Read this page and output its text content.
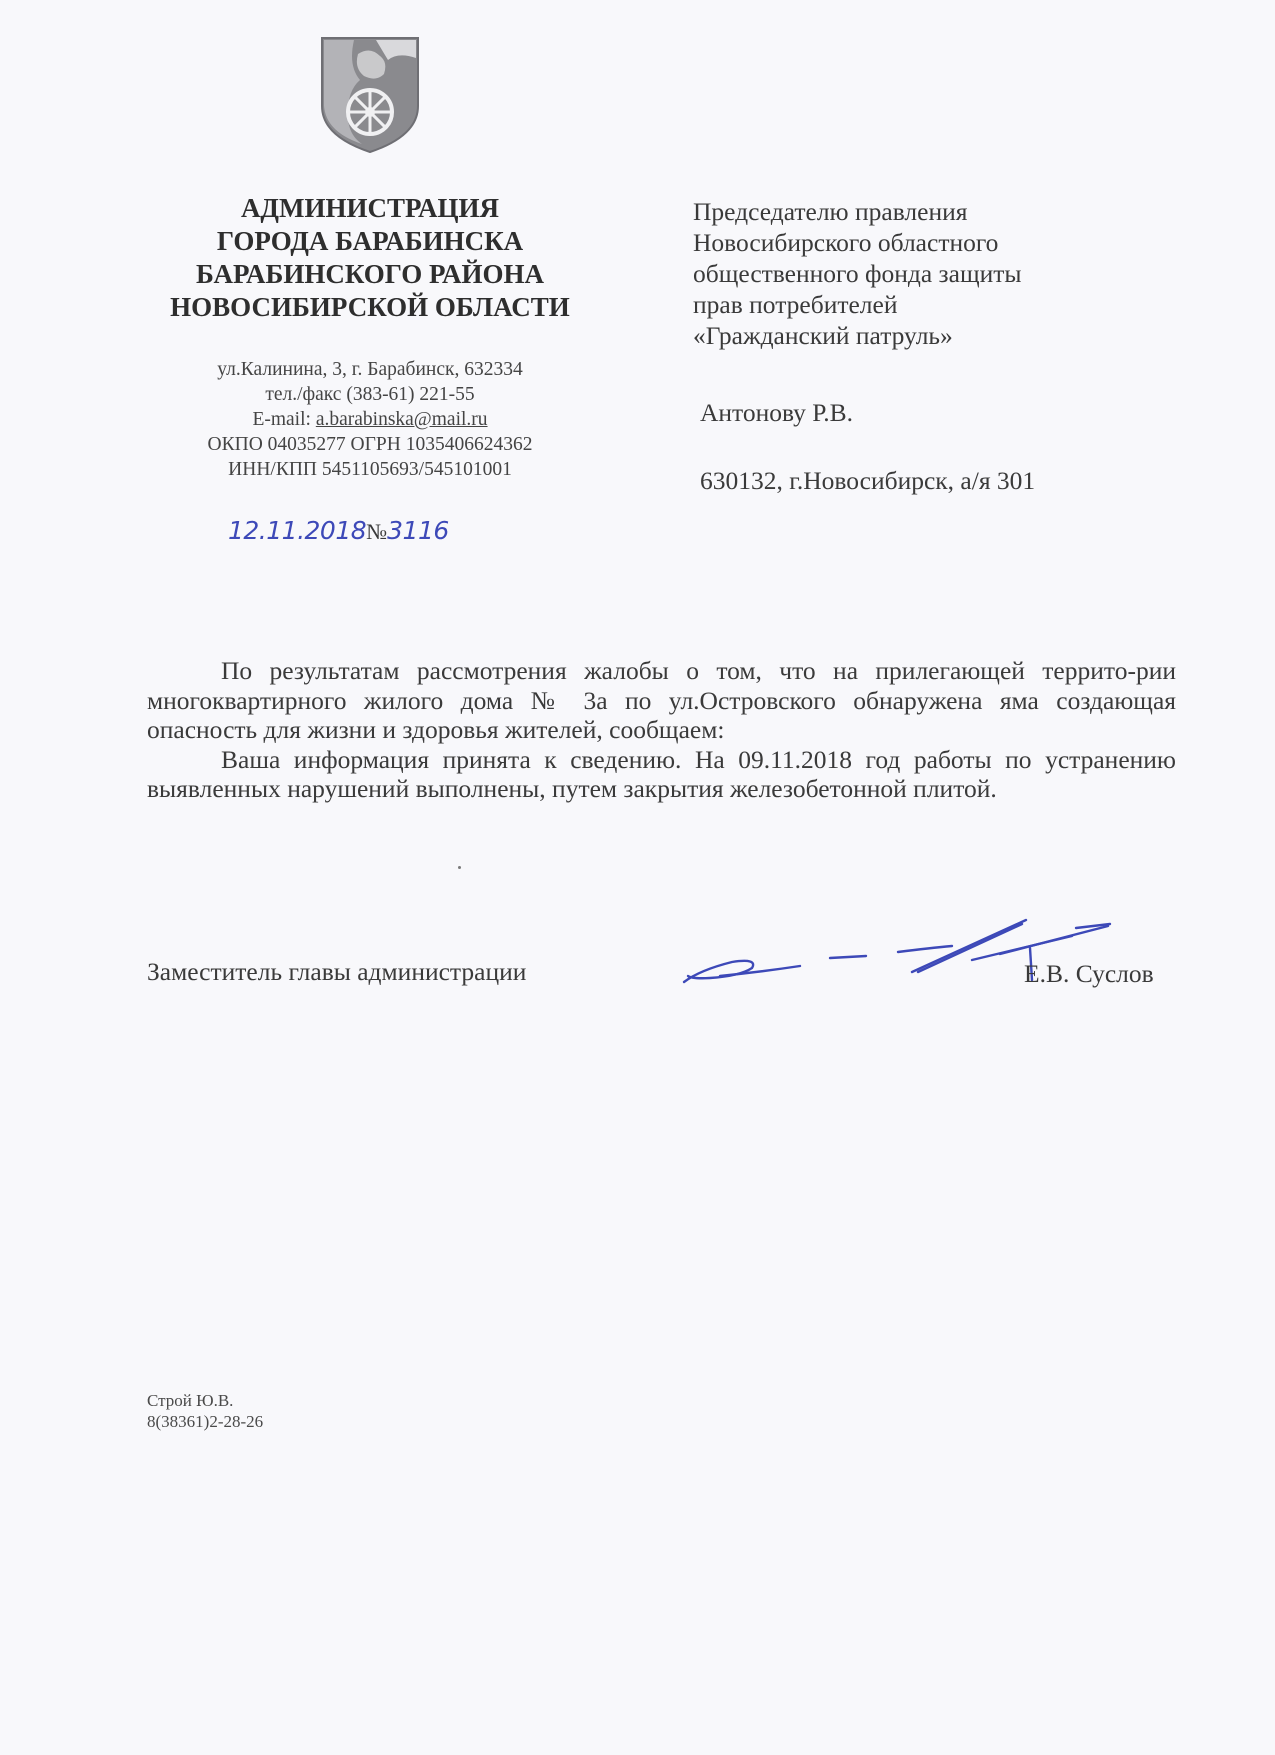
АДМИНИСТРАЦИЯ
ГОРОДА БАРАБИНСКА
БАРАБИНСКОГО РАЙОНА
НОВОСИБИРСКОЙ ОБЛАСТИ
ул.Калинина, 3, г. Барабинск, 632334
тел./факс (383-61) 221-55
E-mail: a.barabinska@mail.ru
ОКПО 04035277 ОГРН 1035406624362
ИНН/КПП 5451105693/545101001
12.11.2018№3116
Председателю правления
Новосибирского областного
общественного фонда защиты
прав потребителей
«Гражданский патруль»
Антонову Р.В.
630132, г.Новосибирск, а/я 301

По результатам рассмотрения жалобы о том, что на прилегающей террито-рии многоквартирного жилого дома № 3а по ул.Островского обнаружена яма создающая опасность для жизни и здоровья жителей, сообщаем:

Ваша информация принята к сведению. На 09.11.2018 год работы по устранению выявленных нарушений выполнены, путем закрытия железобетонной плитой.

Заместитель главы администрации	Е.В. Суслов
Строй Ю.В.
8(38361)2-28-26
